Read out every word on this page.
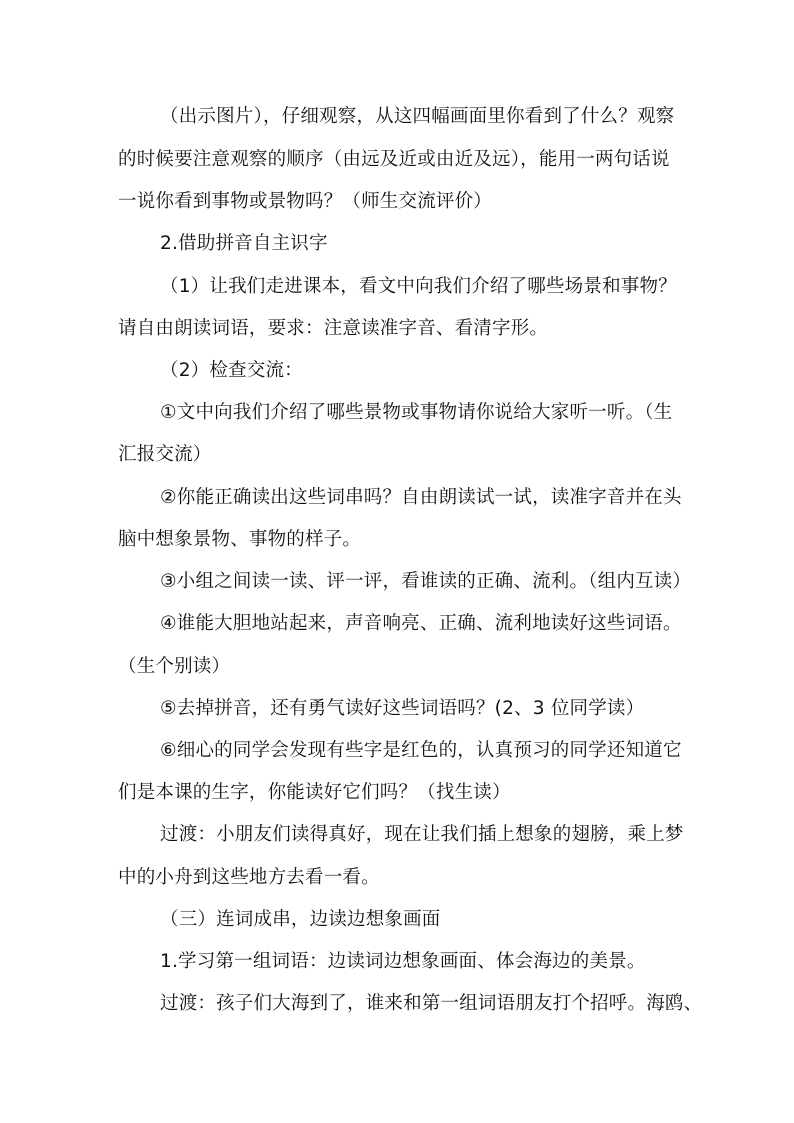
（出示图片），仔细观察，从这四幅画面里你看到了什么？观察
的时候要注意观察的顺序（由远及近或由近及远），能用一两句话说
一说你看到事物或景物吗？（师生交流评价）
2.借助拼音自主识字
（1）让我们走进课本，看文中向我们介绍了哪些场景和事物？
请自由朗读词语，要求：注意读准字音、看清字形。
（2）检查交流：
①文中向我们介绍了哪些景物或事物请你说给大家听一听。（生
汇报交流）
②你能正确读出这些词串吗？自由朗读试一试，读准字音并在头
脑中想象景物、事物的样子。
③小组之间读一读、评一评，看谁读的正确、流利。（组内互读）
④谁能大胆地站起来，声音响亮、正确、流利地读好这些词语。
（生个别读）
⑤去掉拼音，还有勇气读好这些词语吗？(2、3 位同学读）
⑥细心的同学会发现有些字是红色的，认真预习的同学还知道它
们是本课的生字，你能读好它们吗？（找生读）
过渡：小朋友们读得真好，现在让我们插上想象的翅膀，乘上梦
中的小舟到这些地方去看一看。
（三）连词成串，边读边想象画面
1.学习第一组词语：边读词边想象画面、体会海边的美景。
过渡：孩子们大海到了，谁来和第一组词语朋友打个招呼。海鸥、
